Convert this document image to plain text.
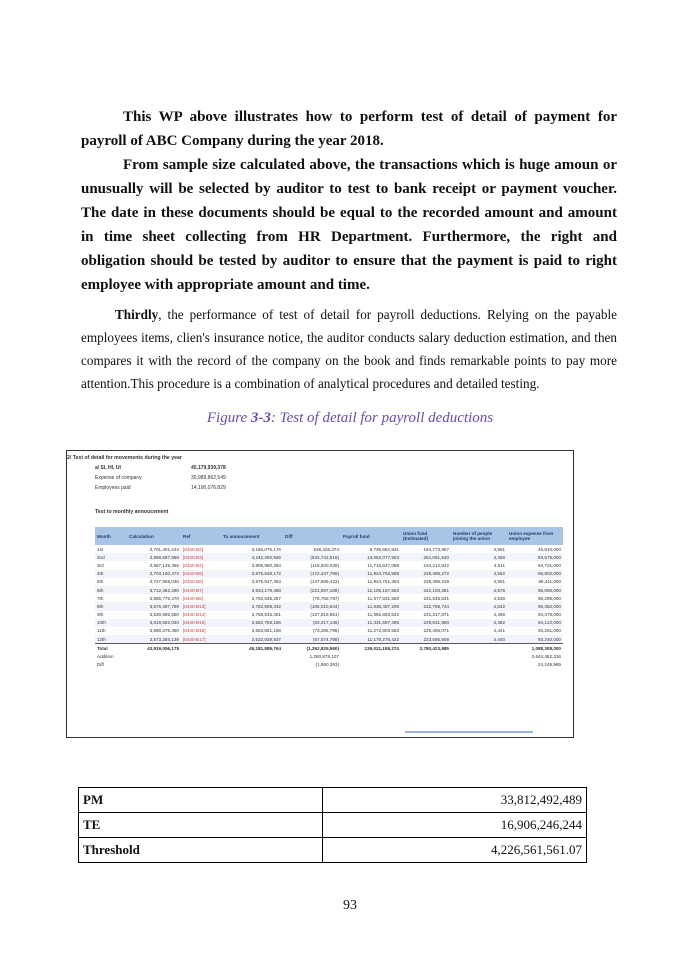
This WP above illustrates how to perform test of detail of payment for payroll of ABC Company during the year 2018.

From sample size calculated above, the transactions which is huge amoun or unusually will be selected by auditor to test to bank receipt or payment voucher. The date in these documents should be equal to the recorded amount and amount in time sheet collecting from HR Department. Furthermore, the right and obligation should be tested by auditor to ensure that the payment is paid to right employee with appropriate amount and time.

Thirdly, the performance of test of detail for payroll deductions. Relying on the payable employees items, clien's insurance notice, the auditor conducts salary deduction estimation, and then compares it with the record of the company on the book and finds remarkable points to pay more attention.This procedure is a combination of analytical procedures and detailed testing.

Figure 3-3: Test of detail for payroll deductions
2/ Test of detail for movements during the year
a/ SI, HI, UI	45,179,939,378
Expense of company	30,989,862,549
Employees paid	14,190,076,829
Test to monthly annoucement
Month	Calculation	Ref	To annoucement	Diff	Payroll fund	Union fund (Estimated)	Number of people joining the union	Union expense from employee
1st	3,701,401,244	[8440-B2]	3,165,075,176	536,326,374	9,736,692,831	194,773,857	4,591	45,910,000
2nd	3,699,597,588	[8440-B3]	4,242,250,926	(533,742,516)	13,053,077,903	261,061,540	4,456	93,575,000
3rd	3,687,139,365	[8440-B4]	3,805,960,394	(118,820,039)	11,716,647,089	234,212,842	4,511	94,731,000
4th	3,703,100,473	[8440-B5]	3,875,548,172	(172,447,799)	11,924,763,598	238,495,272	4,562	95,802,000
5th	3,727,958,030	[8440-B6]	3,875,547,453	(147,589,423)	11,924,761,394	238,495,228	4,591	96,411,000
6th	3,712,482,290	[8440-B7]	3,934,179,458	(221,697,168)	12,105,167,563	242,103,351	4,576	96,096,000
7th	3,685,775,470	[8440-B8]	3,792,535,257	(76,759,787)	11,577,831,568	231,546,631	4,538	95,298,000
8th	3,676,497,789	[8440-B13]	3,782,508,342	(106,010,634)	11,638,487,206	232,769,744	4,542	95,382,000
9th	3,630,995,550	[8440-B14]	3,758,915,401	(127,919,851)	11,565,893,542	231,317,871	4,499	94,479,000
10th	3,619,552,040	[8440-B15]	3,582,769,186	(63,217,146)	11,331,597,495	226,631,950	4,482	94,122,000
11th	3,590,375,360	[8440-B16]	3,663,661,158	(73,285,798)	11,272,803,563	225,456,071	4,441	93,261,000
12th	3,573,365,139	[8440-B17]	3,632,939,837	(57,574,798)	11,178,275,422	223,565,508	4,440	93,240,000
Total	43,919,056,175		45,181,889,764	(1,262,829,590)	139,021,159,274	2,780,423,985		1,088,308,000
Addition				1,260,879,107				3,644,462,316
Diff				(1,950,393)				24,249,969
PM	33,812,492,489
TE	16,906,246,244
Threshold	4,226,561,561.07
93
